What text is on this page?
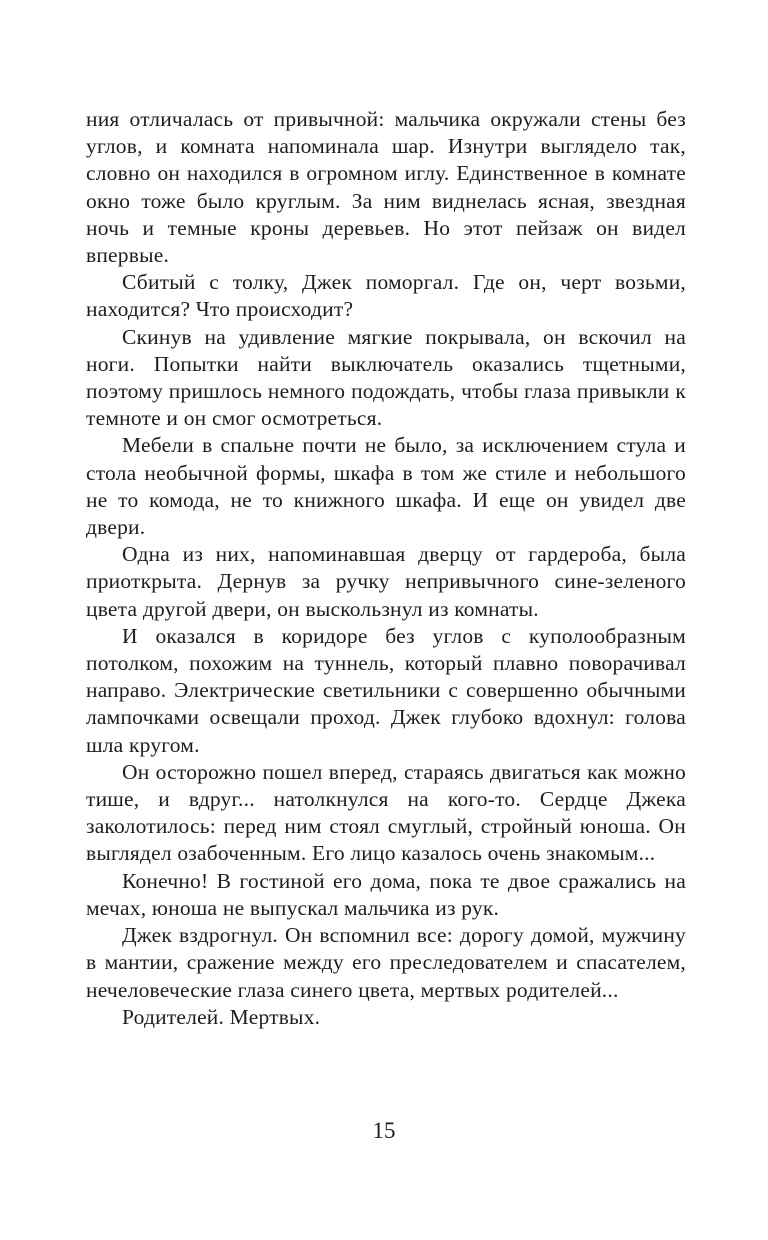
ния отличалась от привычной: мальчика окружали стены без углов, и комната напоминала шар. Изнутри выглядело так, словно он находился в огромном иглу. Единственное в комнате окно тоже было круглым. За ним виднелась ясная, звездная ночь и темные кроны деревьев. Но этот пейзаж он видел впервые.

Сбитый с толку, Джек поморгал. Где он, черт возьми, находится? Что происходит?

Скинув на удивление мягкие покрывала, он вскочил на ноги. Попытки найти выключатель оказались тщетными, поэтому пришлось немного подождать, чтобы глаза привыкли к темноте и он смог осмотреться.

Мебели в спальне почти не было, за исключением стула и стола необычной формы, шкафа в том же стиле и небольшого не то комода, не то книжного шкафа. И еще он увидел две двери.

Одна из них, напоминавшая дверцу от гардероба, была приоткрыта. Дернув за ручку непривычного сине-зеленого цвета другой двери, он выскользнул из комнаты.

И оказался в коридоре без углов с куполообразным потолком, похожим на туннель, который плавно поворачивал направо. Электрические светильники с совершенно обычными лампочками освещали проход. Джек глубоко вдохнул: голова шла кругом.

Он осторожно пошел вперед, стараясь двигаться как можно тише, и вдруг... натолкнулся на кого-то. Сердце Джека заколотилось: перед ним стоял смуглый, стройный юноша. Он выглядел озабоченным. Его лицо казалось очень знакомым...

Конечно! В гостиной его дома, пока те двое сражались на мечах, юноша не выпускал мальчика из рук.

Джек вздрогнул. Он вспомнил все: дорогу домой, мужчину в мантии, сражение между его преследователем и спасателем, нечеловеческие глаза синего цвета, мертвых родителей...

Родителей. Мертвых.

15
